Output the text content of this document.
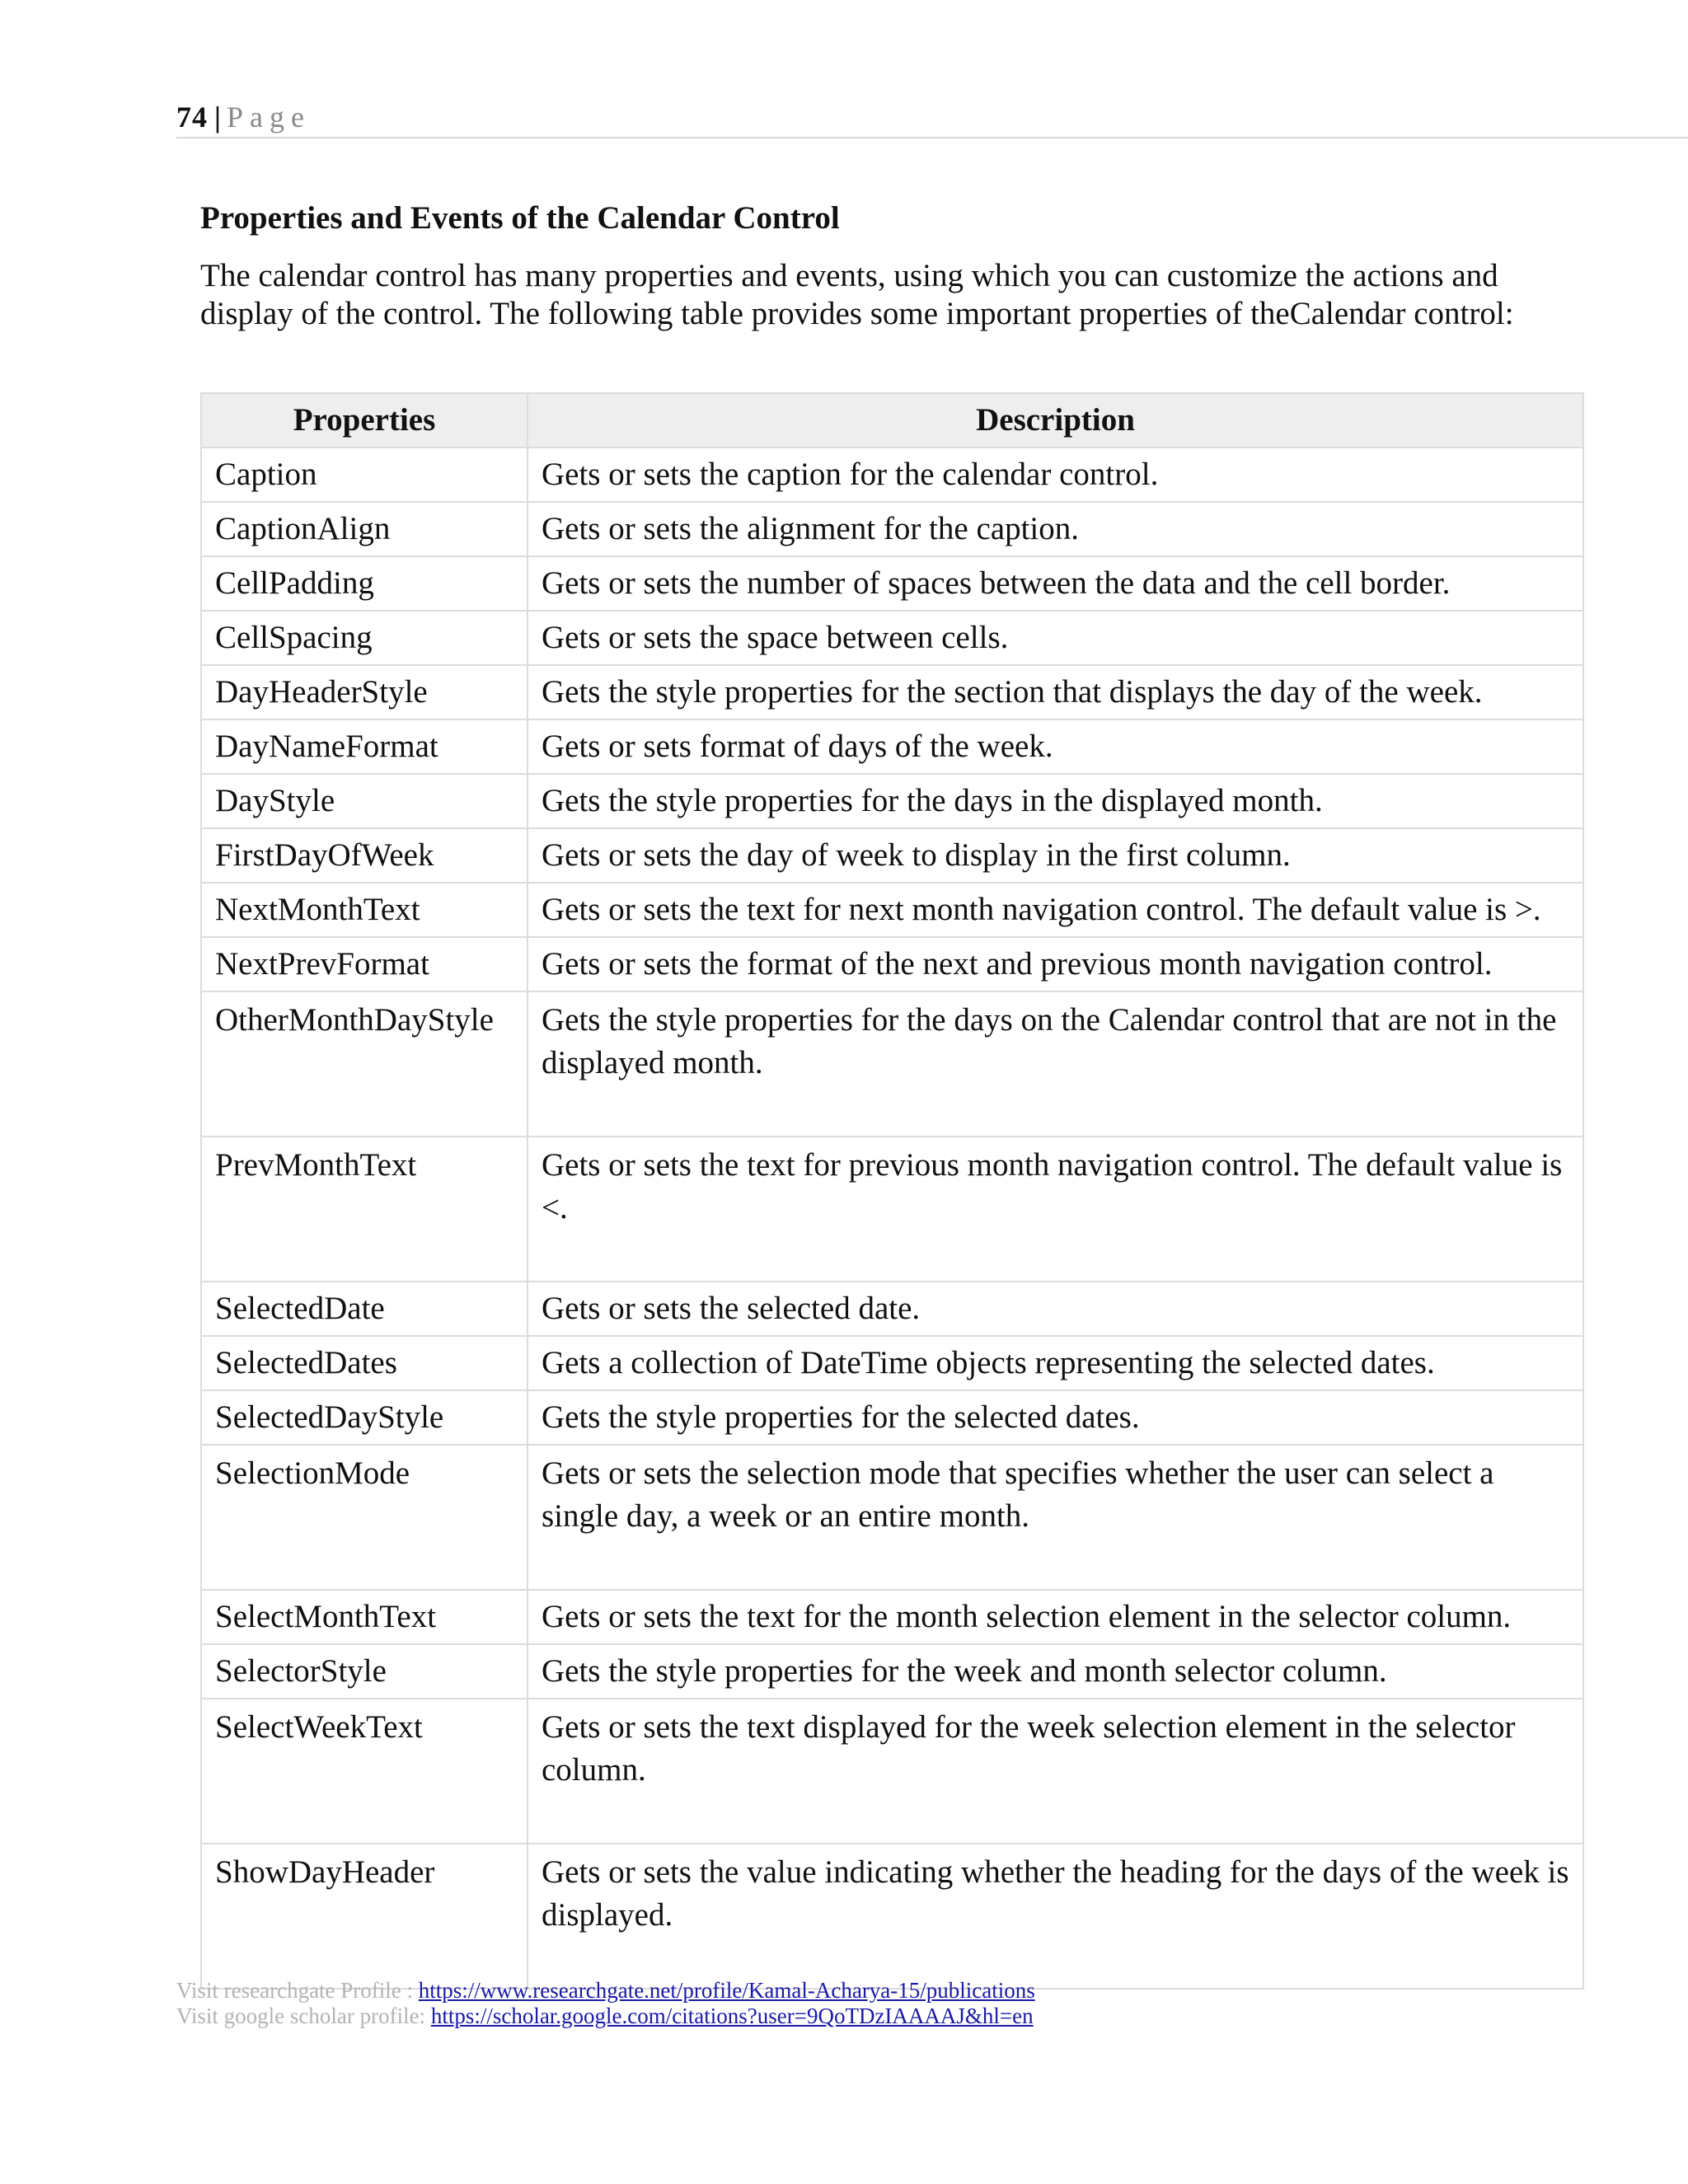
74 | Page
Properties and Events of the Calendar Control

The calendar control has many properties and events, using which you can customize the actions and display of the control. The following table provides some important properties of theCalendar control:

Properties	Description
Caption	Gets or sets the caption for the calendar control.
CaptionAlign	Gets or sets the alignment for the caption.
CellPadding	Gets or sets the number of spaces between the data and the cell border.
CellSpacing	Gets or sets the space between cells.
DayHeaderStyle	Gets the style properties for the section that displays the day of the week.
DayNameFormat	Gets or sets format of days of the week.
DayStyle	Gets the style properties for the days in the displayed month.
FirstDayOfWeek	Gets or sets the day of week to display in the first column.
NextMonthText	Gets or sets the text for next month navigation control. The default value is >.
NextPrevFormat	Gets or sets the format of the next and previous month navigation control.
OtherMonthDayStyle	Gets the style properties for the days on the Calendar control that are not in the displayed month.
PrevMonthText	Gets or sets the text for previous month navigation control. The default value is <.
SelectedDate	Gets or sets the selected date.
SelectedDates	Gets a collection of DateTime objects representing the selected dates.
SelectedDayStyle	Gets the style properties for the selected dates.
SelectionMode	Gets or sets the selection mode that specifies whether the user can select a single day, a week or an entire month.
SelectMonthText	Gets or sets the text for the month selection element in the selector column.
SelectorStyle	Gets the style properties for the week and month selector column.
SelectWeekText	Gets or sets the text displayed for the week selection element in the selector column.
ShowDayHeader	Gets or sets the value indicating whether the heading for the days of the week is displayed.
Visit researchgate Profile : https://www.researchgate.net/profile/Kamal-Acharya-15/publications
Visit google scholar profile: https://scholar.google.com/citations?user=9QoTDzIAAAAJ&hl=en
